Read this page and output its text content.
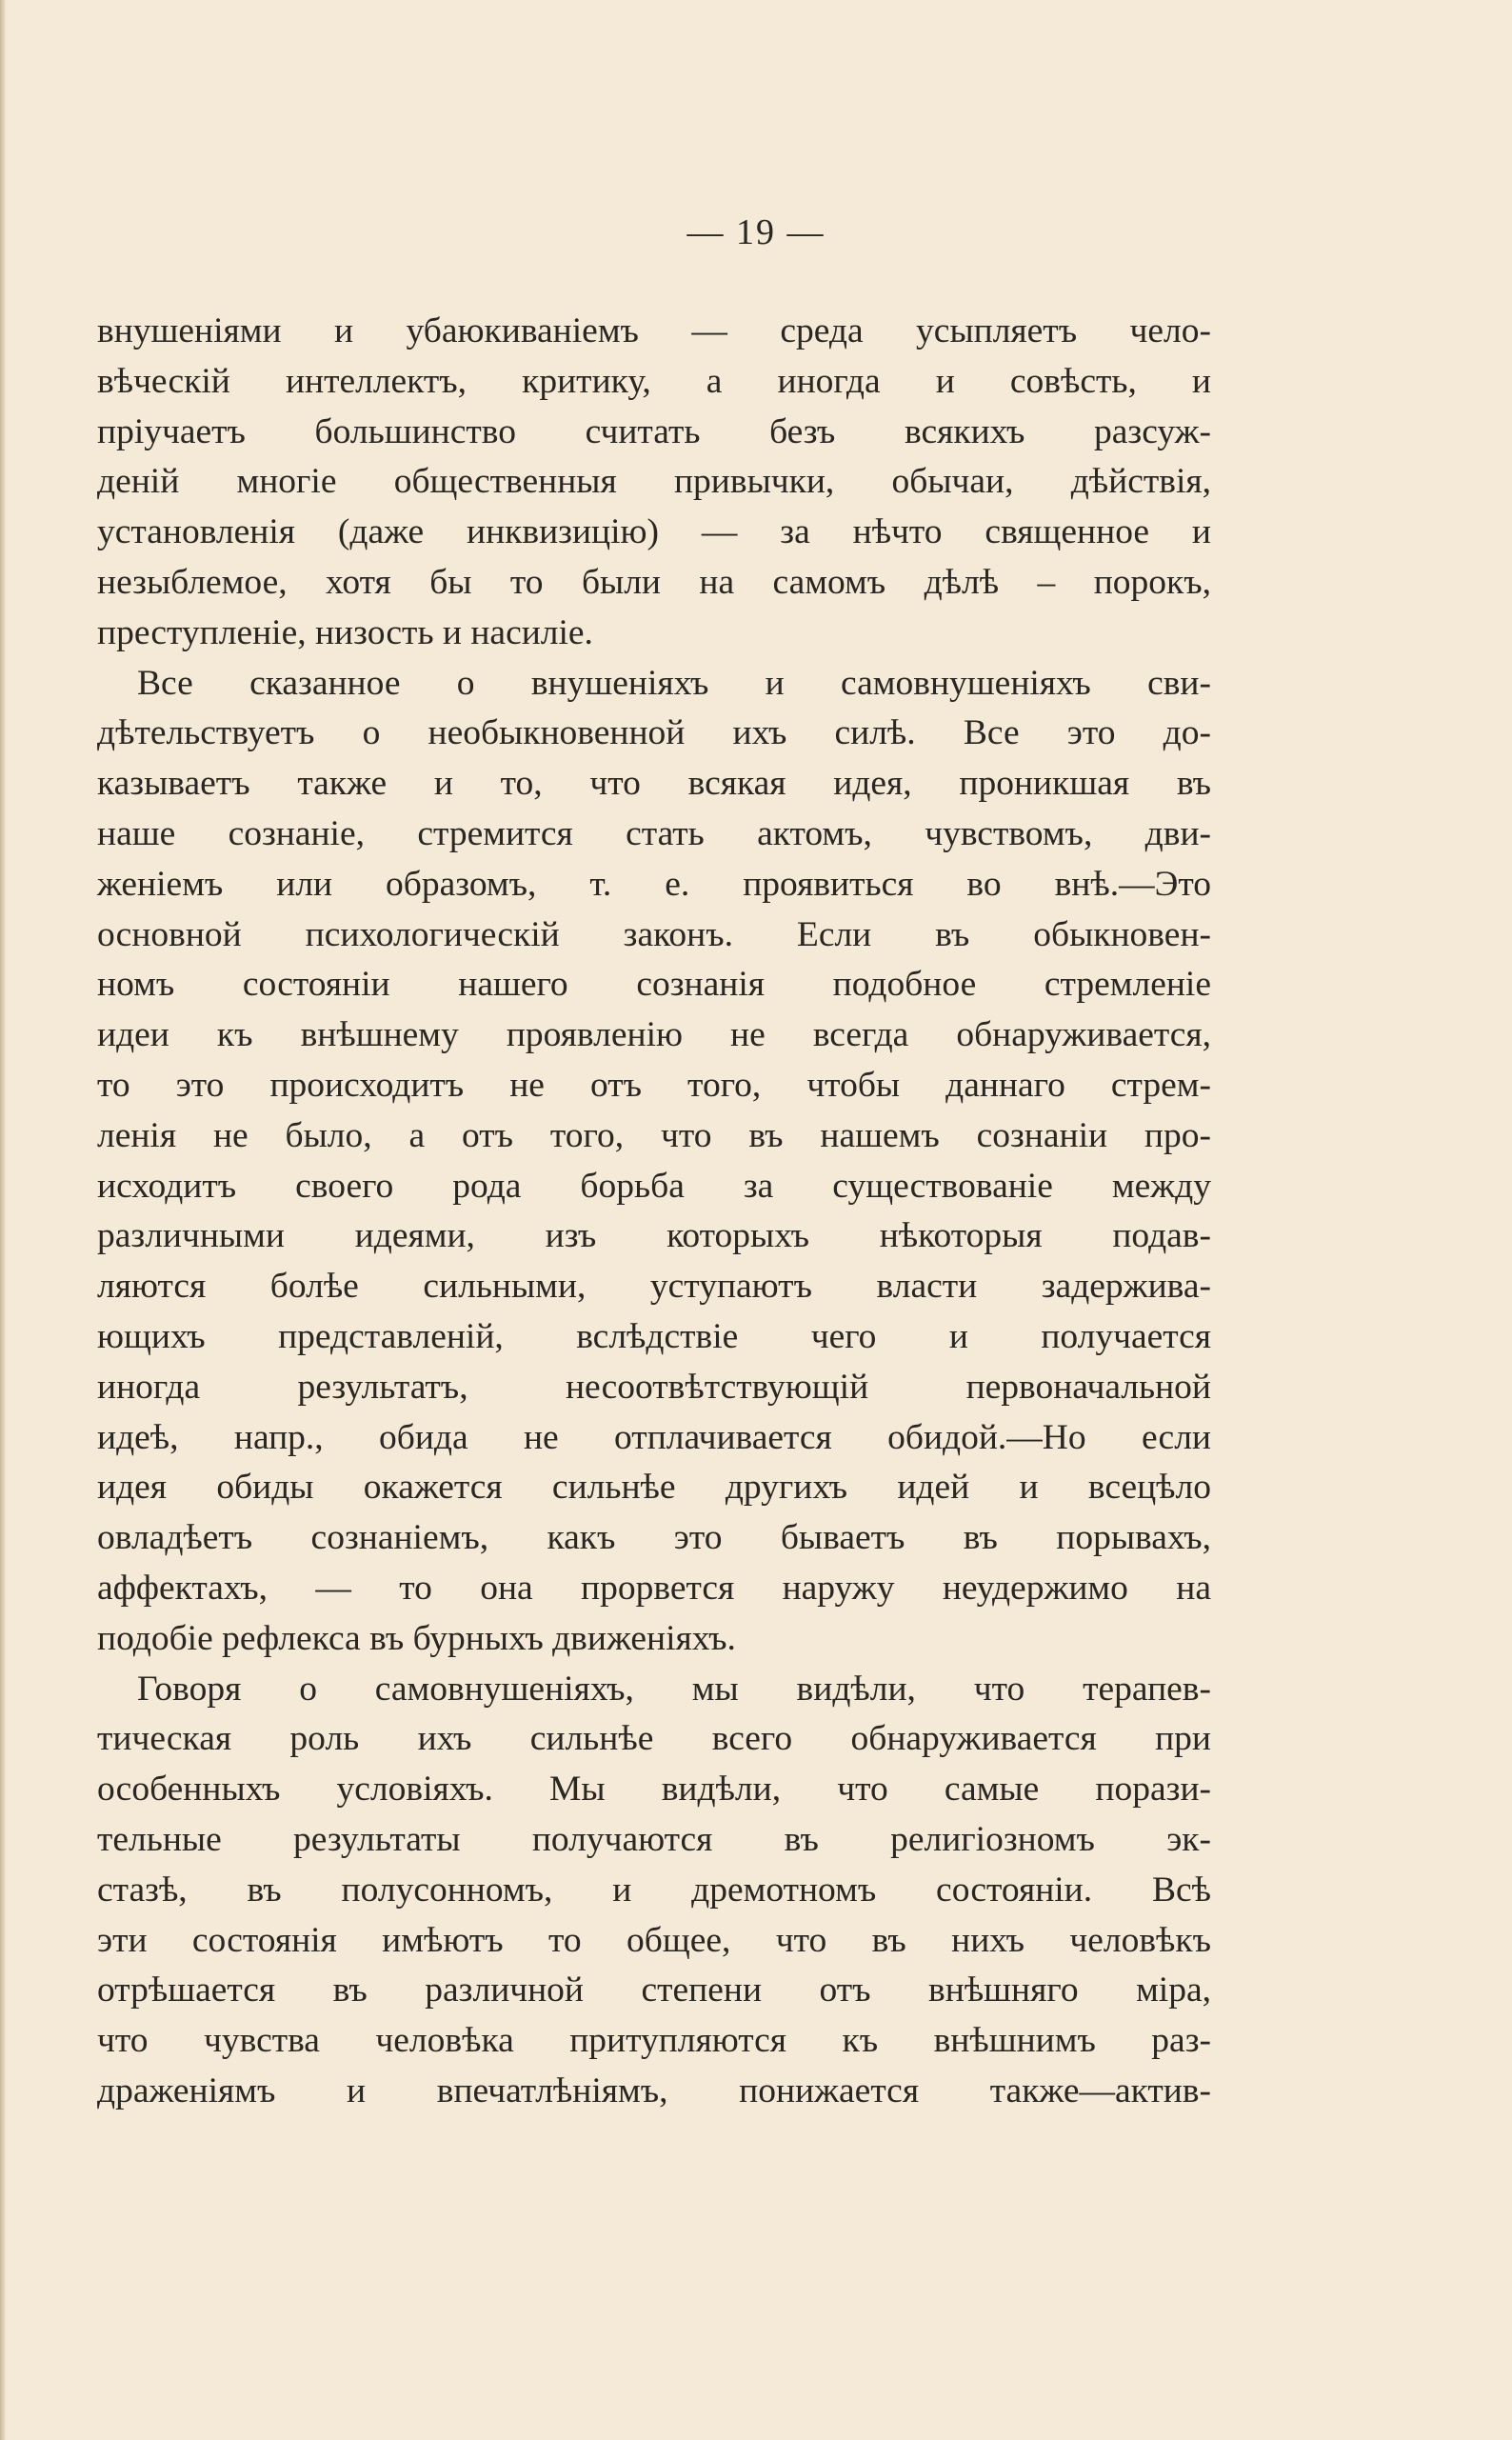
— 19 —
внушеніями и убаюкиваніемъ — среда усыпляетъ чело-
вѣческій интеллектъ, критику, а иногда и совѣсть, и
пріучаетъ большинство считать безъ всякихъ разсуж-
деній многіе общественныя привычки, обычаи, дѣйствія,
установленія (даже инквизицію) — за нѣчто священное и
незыблемое, хотя бы то были на самомъ дѣлѣ – порокъ,
преступленіе, низость и насиліе.
Все сказанное о внушеніяхъ и самовнушеніяхъ сви-
дѣтельствуетъ о необыкновенной ихъ силѣ. Все это до-
казываетъ также и то, что всякая идея, проникшая въ
наше сознаніе, стремится стать актомъ, чувствомъ, дви-
женіемъ или образомъ, т. е. проявиться во внѣ.—Это
основной психологическій законъ. Если въ обыкновен-
номъ состояніи нашего сознанія подобное стремленіе
идеи къ внѣшнему проявленію не всегда обнаруживается,
то это происходитъ не отъ того, чтобы даннаго стрем-
ленія не было, а отъ того, что въ нашемъ сознаніи про-
исходитъ своего рода борьба за существованіе между
различными идеями, изъ которыхъ нѣкоторыя подав-
ляются болѣе сильными, уступаютъ власти задержива-
ющихъ представленій, вслѣдствіе чего и получается
иногда результатъ, несоотвѣтствующій первоначальной
идеѣ, напр., обида не отплачивается обидой.—Но если
идея обиды окажется сильнѣе другихъ идей и всецѣло
овладѣетъ сознаніемъ, какъ это бываетъ въ порывахъ,
аффектахъ, — то она прорвется наружу неудержимо на
подобіе рефлекса въ бурныхъ движеніяхъ.
Говоря о самовнушеніяхъ, мы видѣли, что терапев-
тическая роль ихъ сильнѣе всего обнаруживается при
особенныхъ условіяхъ. Мы видѣли, что самые порази-
тельные результаты получаются въ религіозномъ эк-
стазѣ, въ полусонномъ, и дремотномъ состояніи. Всѣ
эти состоянія имѣютъ то общее, что въ нихъ человѣкъ
отрѣшается въ различной степени отъ внѣшняго міра,
что чувства человѣка притупляются къ внѣшнимъ раз-
драженіямъ и впечатлѣніямъ, понижается также—актив-
